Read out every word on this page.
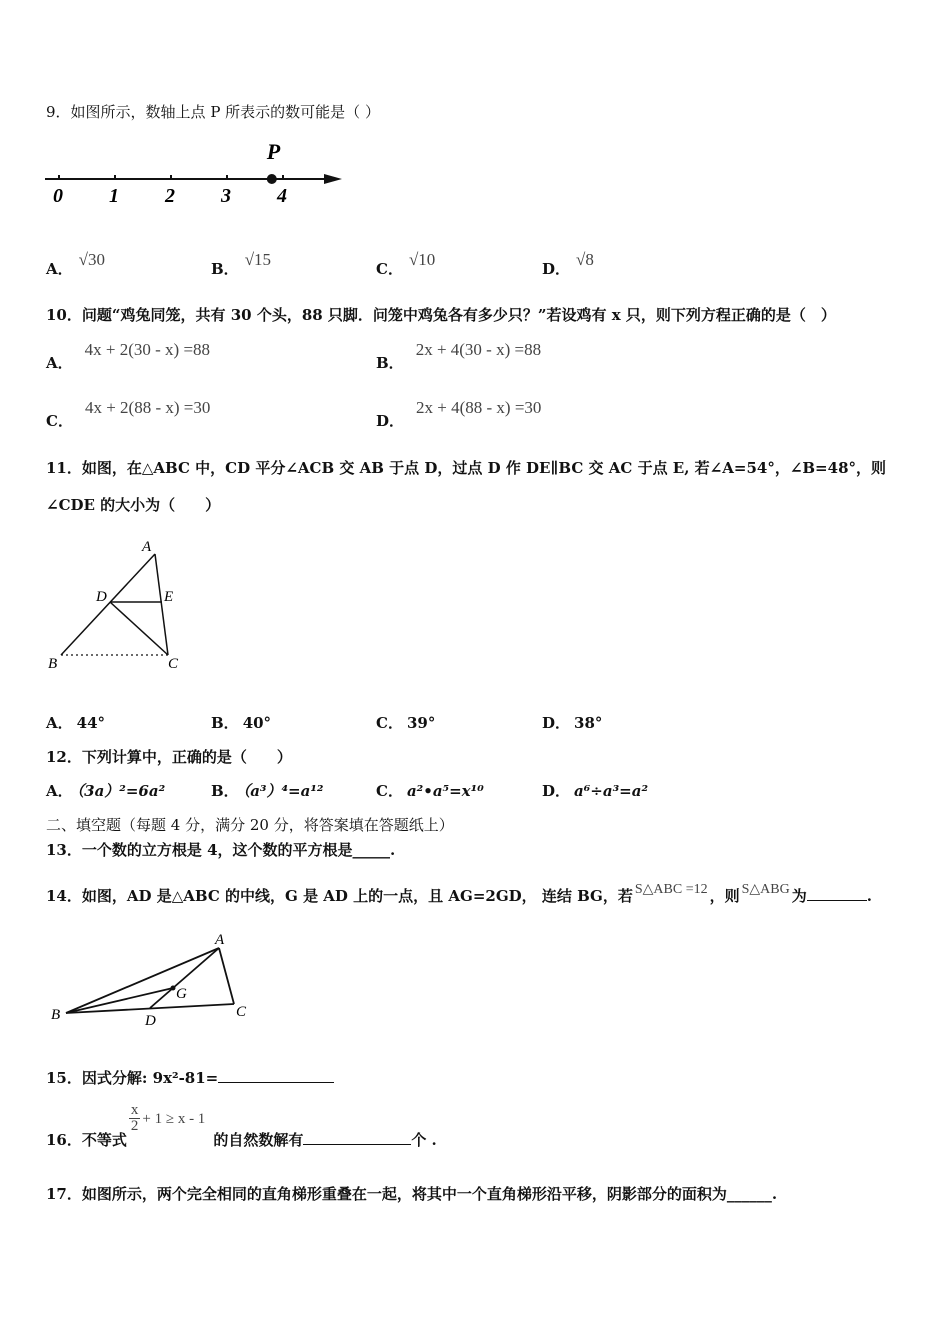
9．如图所示，数轴上点 P 所表示的数可能是（ ）
P
0 1 2 3 4
A． √30	B． √15	C． √10	D． √8
10．问题“鸡兔同笼，共有 30 个头，88 只脚．问笼中鸡兔各有多少只？”若设鸡有 x 只，则下列方程正确的是（　）
A．4x + 2(30 - x) =88
B．2x + 4(30 - x) =88
C．4x + 2(88 - x) =30
D．2x + 4(88 - x) =30
11．如图，在△ABC 中，CD 平分∠ACB 交 AB 于点 D，过点 D 作 DE∥BC 交 AC 于点 E, 若∠A=54°，∠B=48°，则
∠CDE 的大小为（　　）
A
B	C
D	E
A． 44°	B． 40°	C． 39°	D． 38°
12．下列计算中，正确的是（　　）
A． （3a）²=6a²	B． （a³）⁴=a¹²	C． a²•a⁵=x¹⁰	D． a⁶÷a³=a²
二、填空题（每题 4 分，满分 20 分，将答案填在答题纸上）
13．一个数的立方根是 4，这个数的平方根是_____.
14．如图，AD 是△ABC 的中线，G 是 AD 上的一点，且 AG=2GD， 连结 BG，若 S△ABC =12 ，则 S△ABG 为	.
A
B	C
D
G
15．因式分解: 9x²-81=
16．不等式
$\frac{x}{2} + 1 \ge x - 1$的自然数解有	个 .
17．如图所示，两个完全相同的直角梯形重叠在一起，将其中一个直角梯形沿平移，阴影部分的面积为______.
